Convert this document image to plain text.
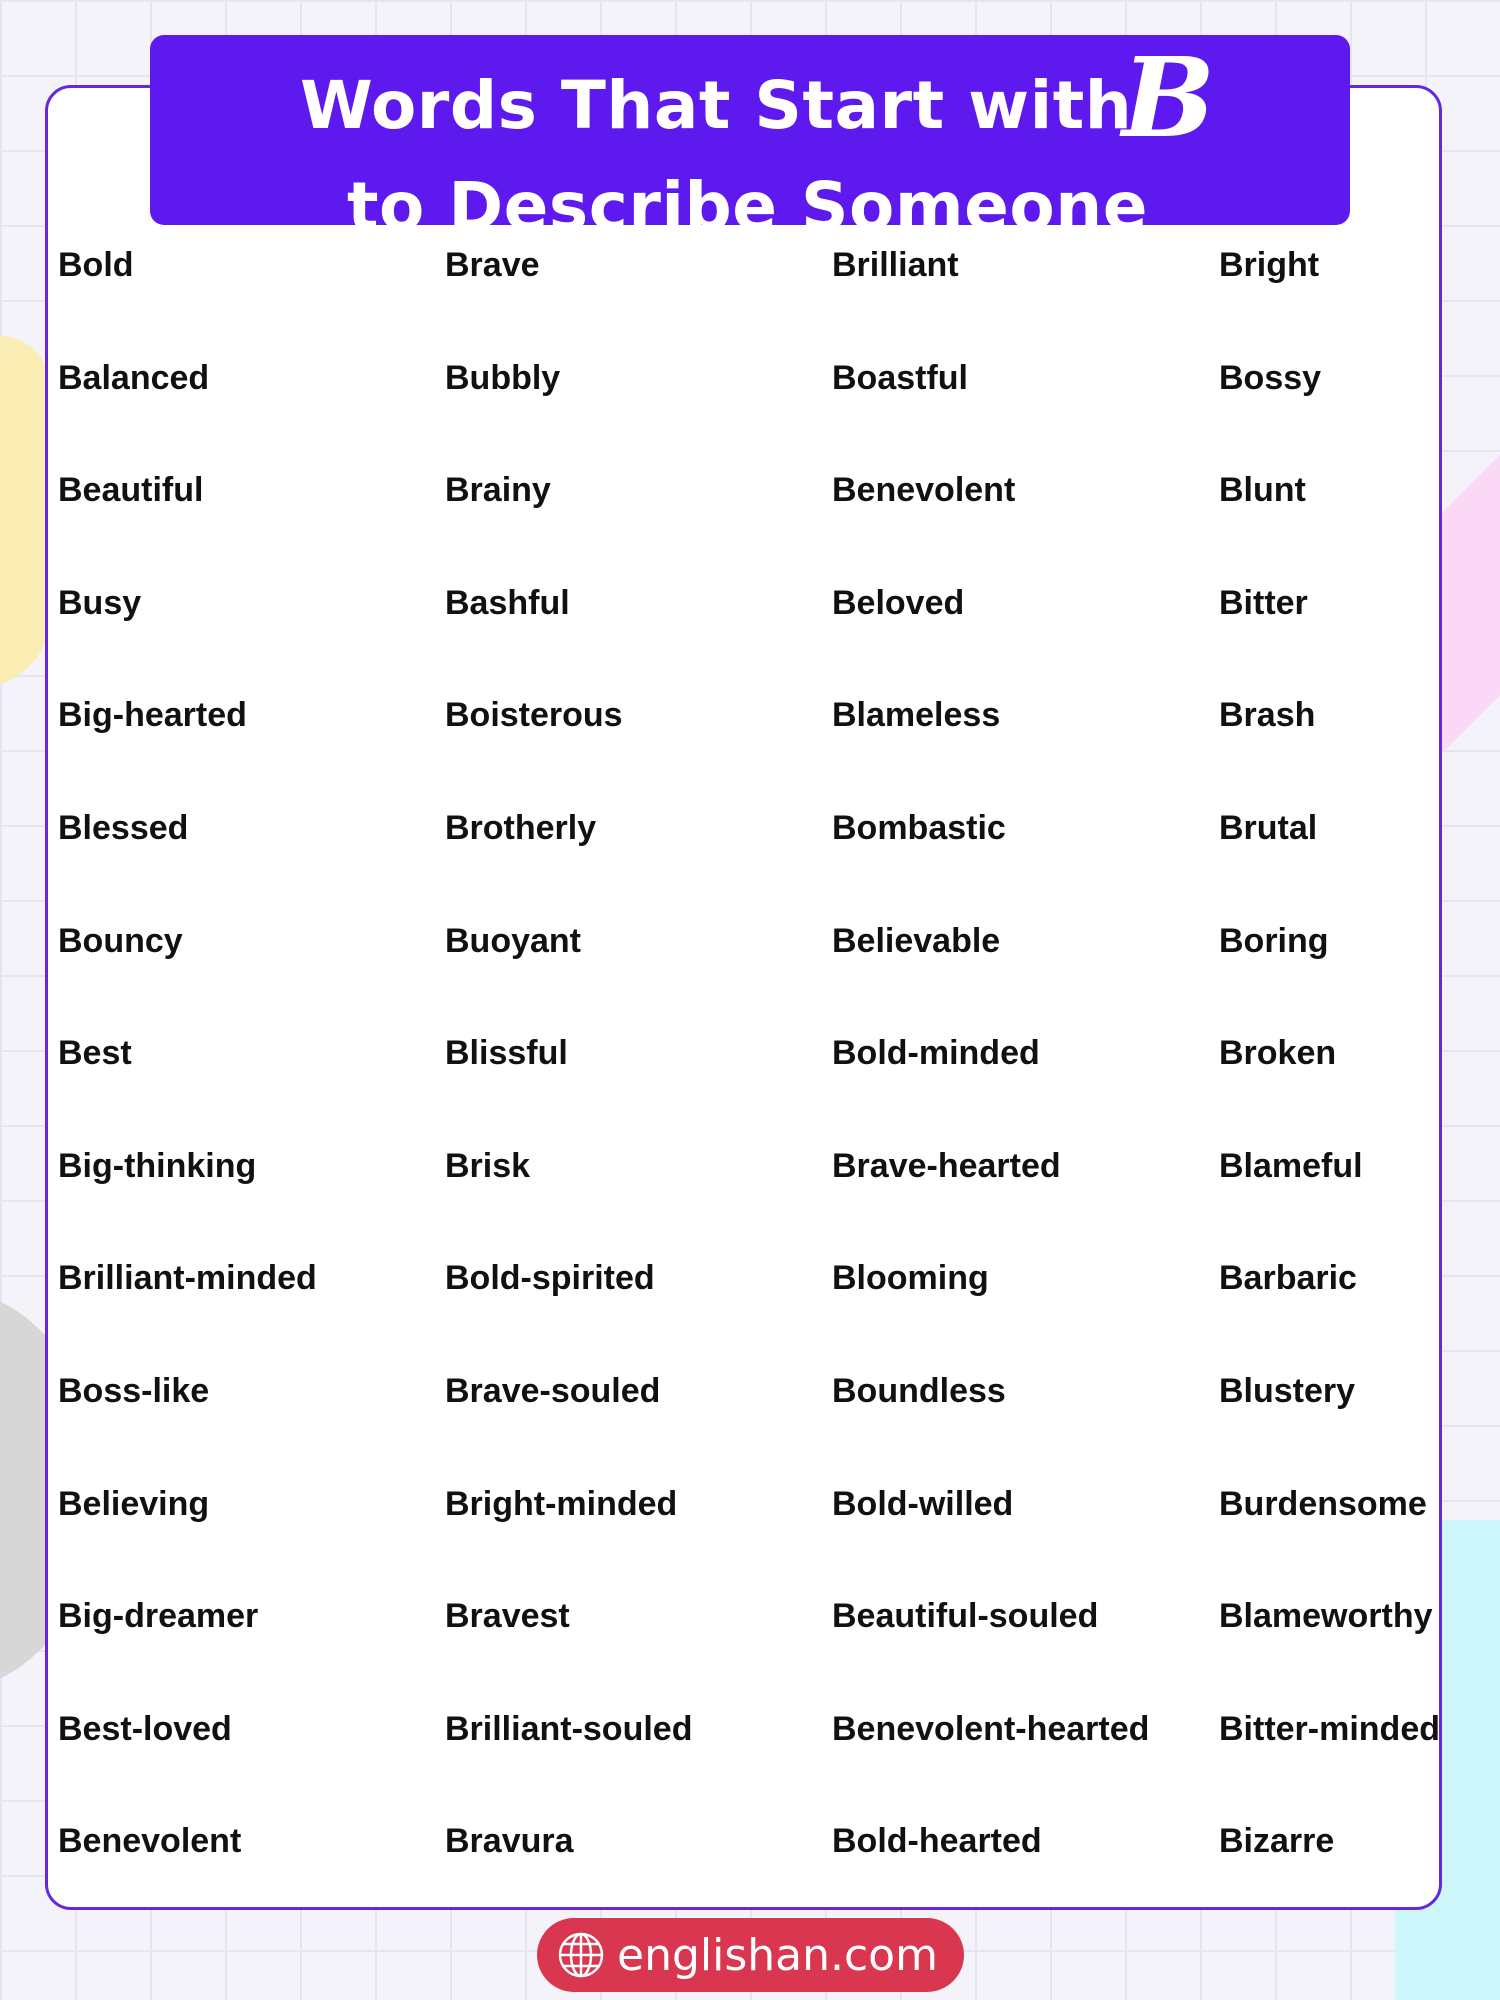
Words That Start with
B
to Describe Someone
Bold	Brave	Brilliant	Bright
Balanced	Bubbly	Boastful	Bossy
Beautiful	Brainy	Benevolent	Blunt
Busy	Bashful	Beloved	Bitter
Big-hearted	Boisterous	Blameless	Brash
Blessed	Brotherly	Bombastic	Brutal
Bouncy	Buoyant	Believable	Boring
Best	Blissful	Bold-minded	Broken
Big-thinking	Brisk	Brave-hearted	Blameful
Brilliant-minded	Bold-spirited	Blooming	Barbaric
Boss-like	Brave-souled	Boundless	Blustery
Believing	Bright-minded	Bold-willed	Burdensome
Big-dreamer	Bravest	Beautiful-souled	Blameworthy
Best-loved	Brilliant-souled	Benevolent-hearted	Bitter-minded
Benevolent	Bravura	Bold-hearted	Bizarre
englishan.com
